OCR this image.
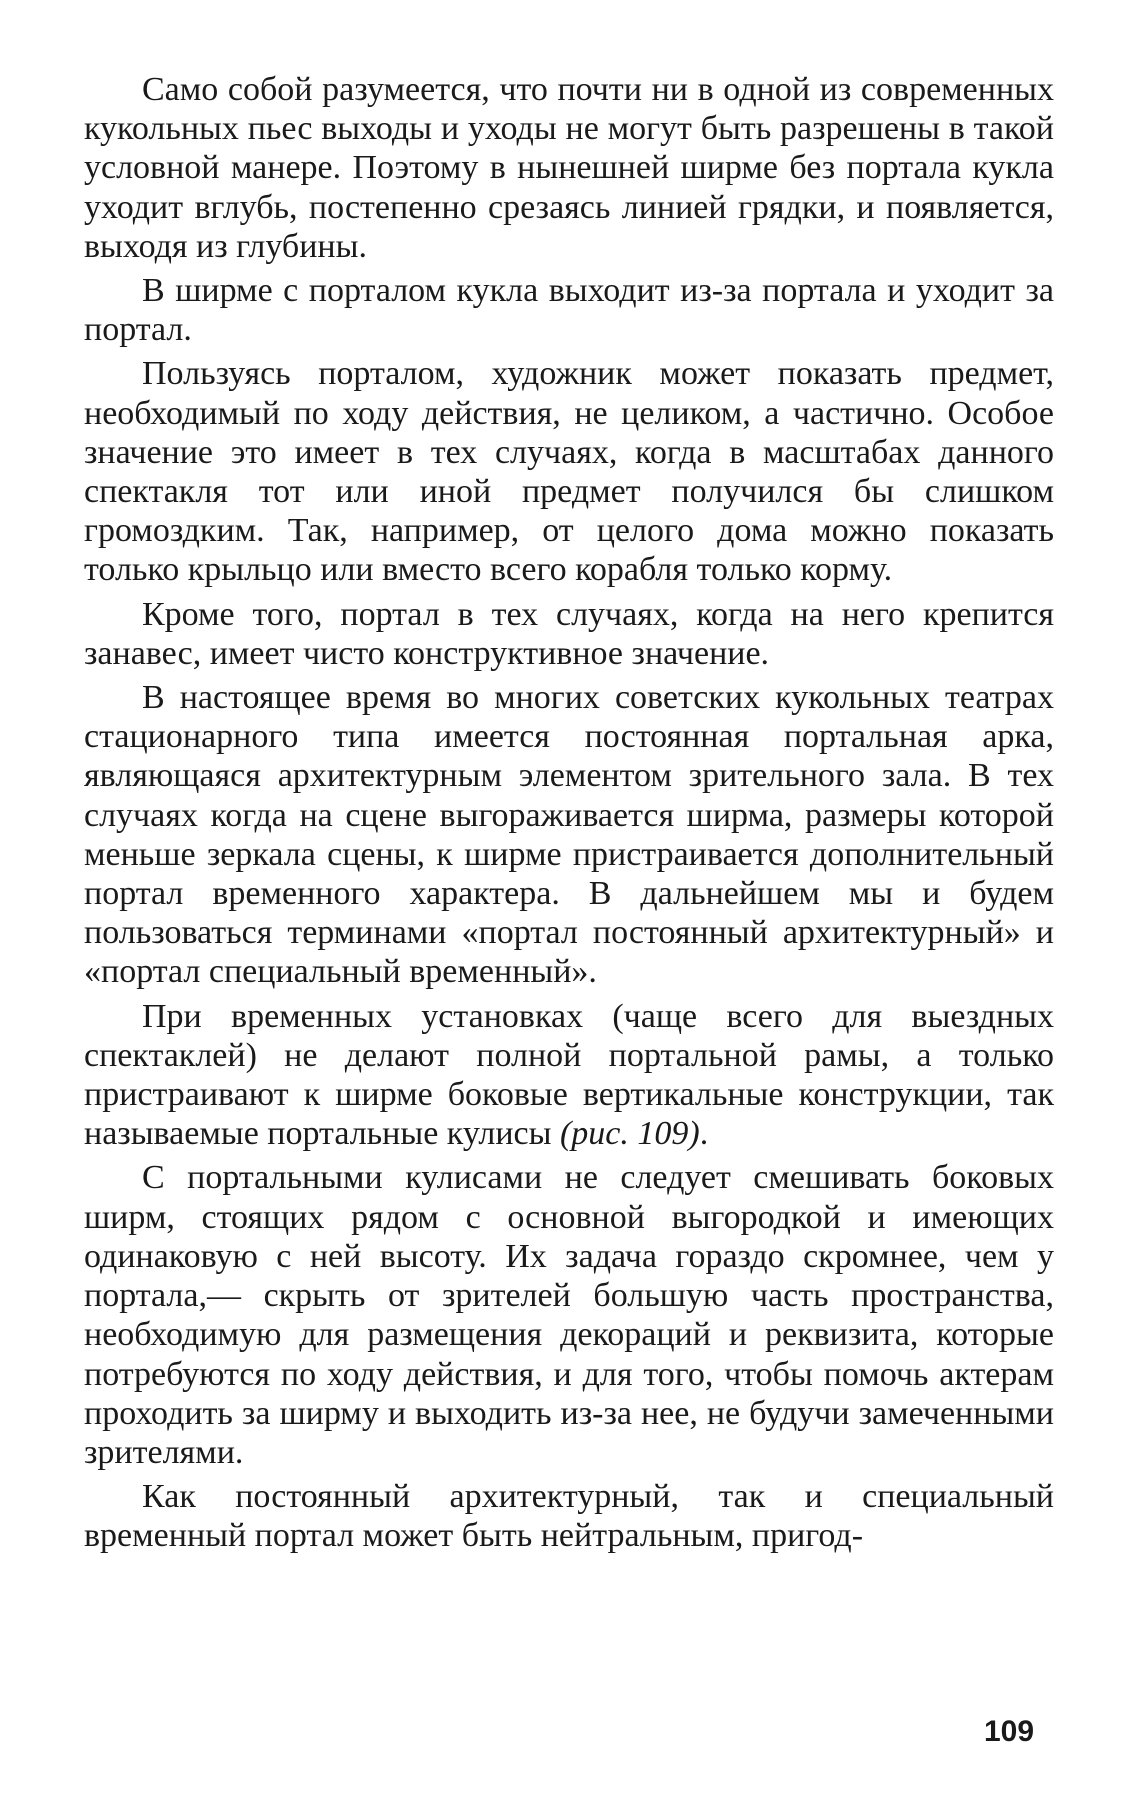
Само собой разумеется, что почти ни в одной из современных кукольных пьес выходы и уходы не могут быть разрешены в такой условной манере. Поэтому в нынешней ширме без портала кукла уходит вглубь, постепенно срезаясь линией грядки, и появляется, выходя из глубины.

В ширме с порталом кукла выходит из-за портала и уходит за портал.

Пользуясь порталом, художник может показать предмет, необходимый по ходу действия, не целиком, а частично. Особое значение это имеет в тех случаях, когда в масштабах данного спектакля тот или иной предмет получился бы слишком громоздким. Так, например, от целого дома можно показать только крыльцо или вместо всего корабля только корму.

Кроме того, портал в тех случаях, когда на него крепится занавес, имеет чисто конструктивное значение.

В настоящее время во многих советских кукольных театрах стационарного типа имеется постоянная портальная арка, являющаяся архитектурным элементом зрительного зала. В тех случаях когда на сцене выгораживается ширма, размеры которой меньше зеркала сцены, к ширме пристраивается дополнительный портал временного характера. В дальнейшем мы и будем пользоваться терминами «портал постоянный архитектурный» и «портал специальный временный».

При временных установках (чаще всего для выездных спектаклей) не делают полной портальной рамы, а только пристраивают к ширме боковые вертикальные конструкции, так называемые портальные кулисы (рис. 109).

С портальными кулисами не следует смешивать боковых ширм, стоящих рядом с основной выгородкой и имеющих одинаковую с ней высоту. Их задача гораздо скромнее, чем у портала,— скрыть от зрителей большую часть пространства, необходимую для размещения декораций и реквизита, которые потребуются по ходу действия, и для того, чтобы помочь актерам проходить за ширму и выходить из-за нее, не будучи замеченными зрителями.

Как постоянный архитектурный, так и специальный временный портал может быть нейтральным, пригод-

109
